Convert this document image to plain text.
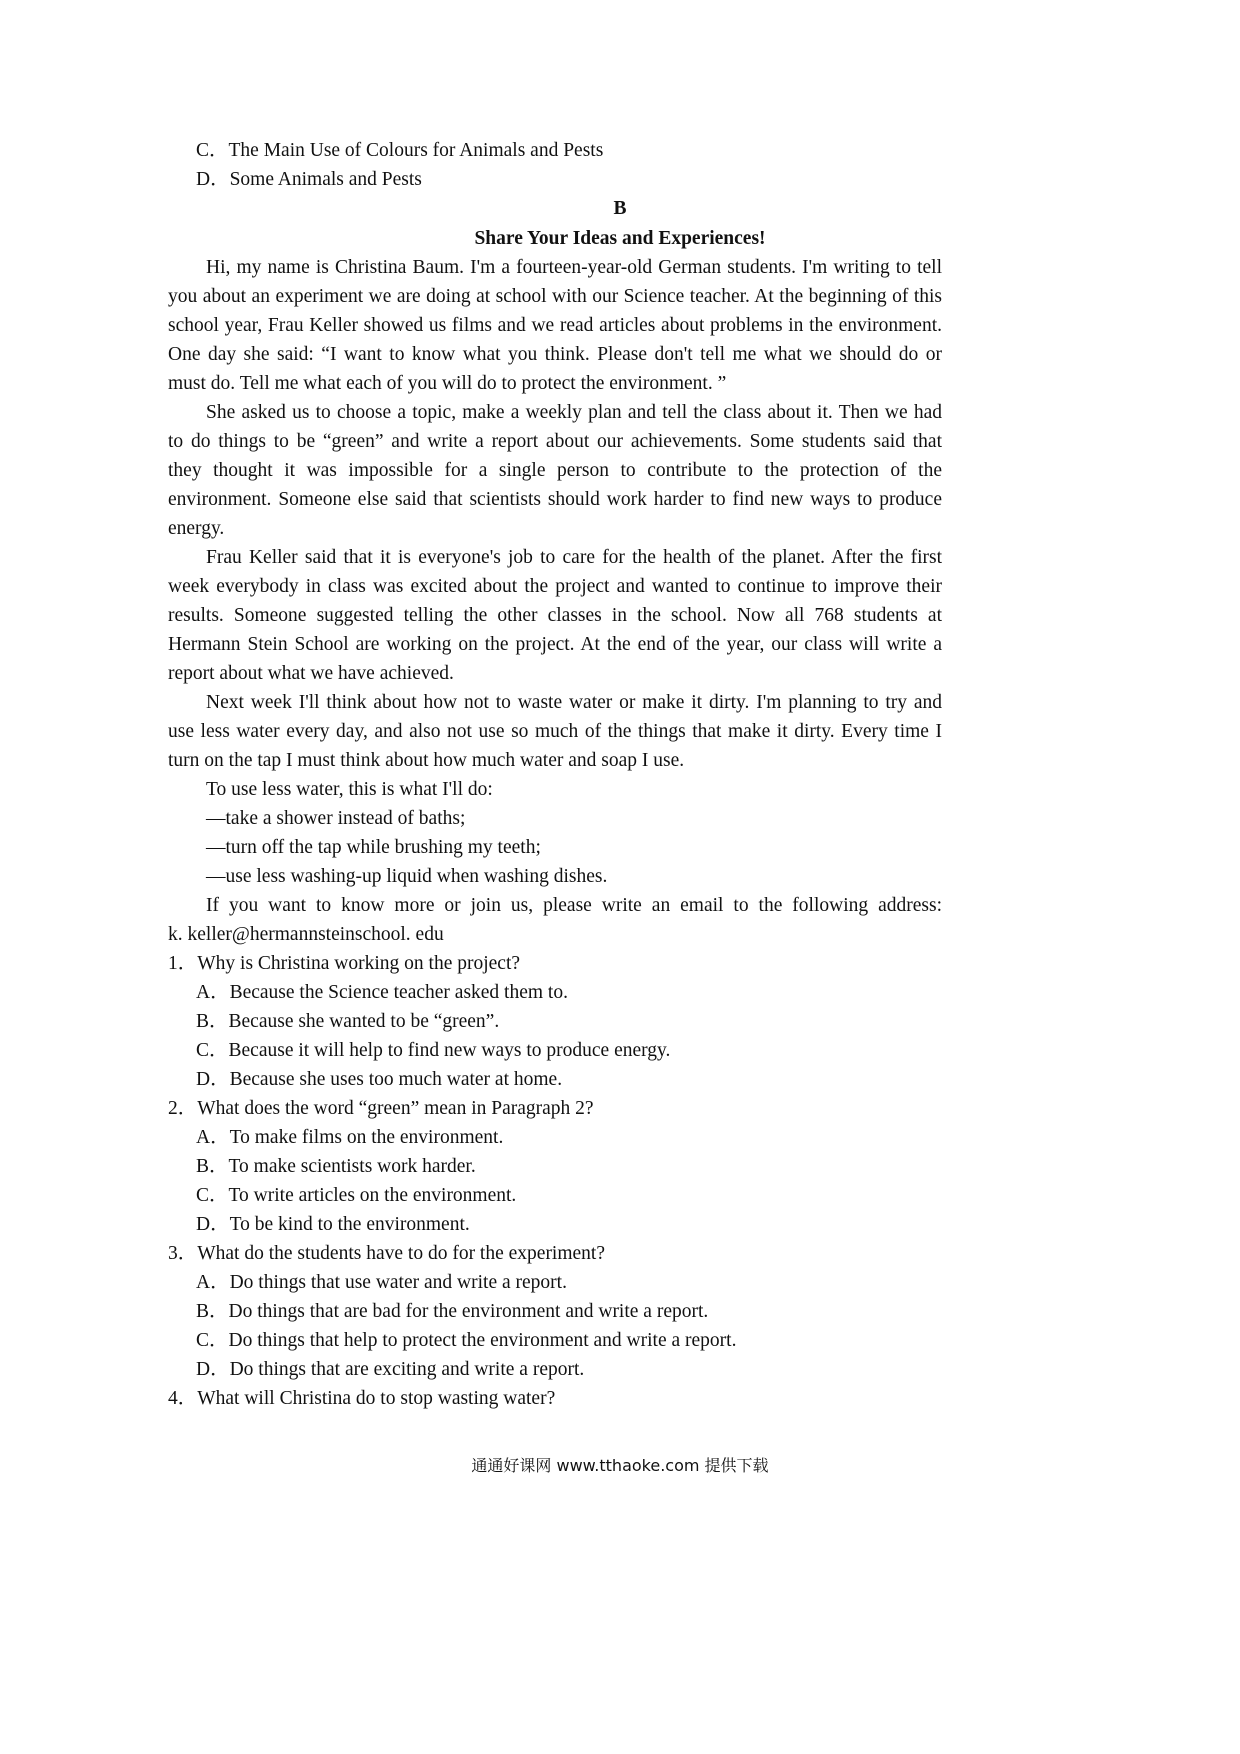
C．The Main Use of Colours for Animals and Pests
D．Some Animals and Pests
B
Share Your Ideas and Experiences!
Hi, my name is Christina Baum. I'm a fourteen-year-old German students. I'm writing to tell
you about an experiment we are doing at school with our Science teacher. At the beginning of this
school year, Frau Keller showed us films and we read articles about problems in the environment.
One day she said: “I want to know what you think. Please don't tell me what we should do or
must do. Tell me what each of you will do to protect the environment. ”
She asked us to choose a topic, make a weekly plan and tell the class about it. Then we had
to do things to be “green” and write a report about our achievements. Some students said that
they thought it was impossible for a single person to contribute to the protection of the
environment. Someone else said that scientists should work harder to find new ways to produce
energy.
Frau Keller said that it is everyone's job to care for the health of the planet. After the first
week everybody in class was excited about the project and wanted to continue to improve their
results. Someone suggested telling the other classes in the school. Now all 768 students at
Hermann Stein School are working on the project. At the end of the year, our class will write a
report about what we have achieved.
Next week I'll think about how not to waste water or make it dirty. I'm planning to try and
use less water every day, and also not use so much of the things that make it dirty. Every time I
turn on the tap I must think about how much water and soap I use.
To use less water, this is what I'll do:
—take a shower instead of baths;
—turn off the tap while brushing my teeth;
—use less washing-up liquid when washing dishes.
If you want to know more or join us, please write an email to the following address:
k. keller@hermannsteinschool. edu
1．Why is Christina working on the project?
A．Because the Science teacher asked them to.
B．Because she wanted to be “green”.
C．Because it will help to find new ways to produce energy.
D．Because she uses too much water at home.
2．What does the word “green” mean in Paragraph 2?
A．To make films on the environment.
B．To make scientists work harder.
C．To write articles on the environment.
D．To be kind to the environment.
3．What do the students have to do for the experiment?
A．Do things that use water and write a report.
B．Do things that are bad for the environment and write a report.
C．Do things that help to protect the environment and write a report.
D．Do things that are exciting and write a report.
4．What will Christina do to stop wasting water?
通通好课网 www.tthaoke.com 提供下载
